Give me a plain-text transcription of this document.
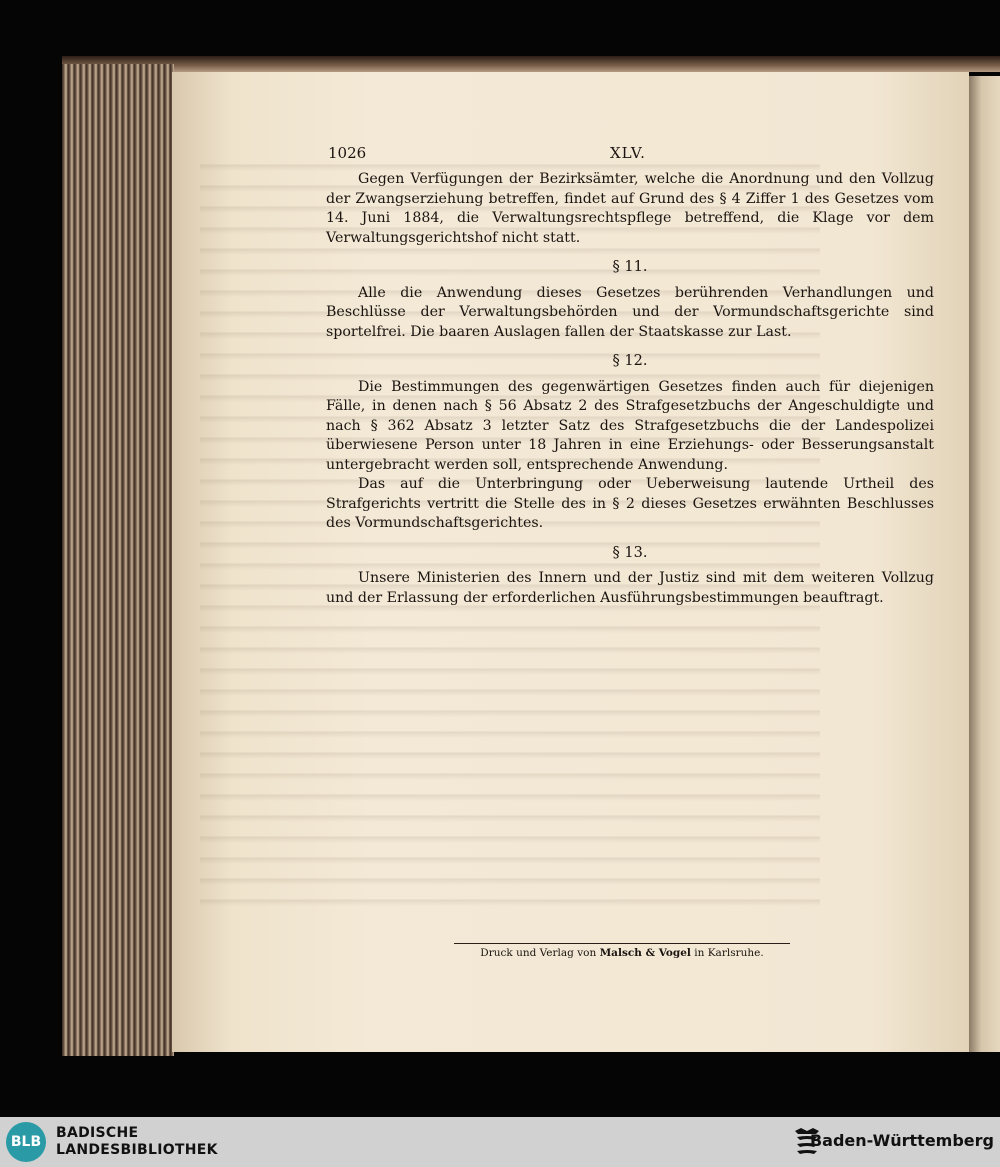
1026	XLV.

Gegen Verfügungen der Bezirksämter, welche die Anordnung und den Vollzug der Zwangserziehung betreffen, findet auf Grund des § 4 Ziffer 1 des Gesetzes vom 14. Juni 1884, die Verwaltungsrechtspflege betreffend, die Klage vor dem Verwaltungsgerichtshof nicht statt.

§ 11.

Alle die Anwendung dieses Gesetzes berührenden Verhandlungen und Beschlüsse der Verwaltungsbehörden und der Vormundschaftsgerichte sind sportelfrei. Die baaren Auslagen fallen der Staatskasse zur Last.

§ 12.

Die Bestimmungen des gegenwärtigen Gesetzes finden auch für diejenigen Fälle, in denen nach § 56 Absatz 2 des Strafgesetzbuchs der Angeschuldigte und nach § 362 Absatz 3 letzter Satz des Strafgesetzbuchs die der Landespolizei überwiesene Person unter 18 Jahren in eine Erziehungs- oder Besserungsanstalt untergebracht werden soll, entsprechende Anwendung.

Das auf die Unterbringung oder Ueberweisung lautende Urtheil des Strafgerichts vertritt die Stelle des in § 2 dieses Gesetzes erwähnten Beschlusses des Vormundschaftsgerichtes.

§ 13.

Unsere Ministerien des Innern und der Justiz sind mit dem weiteren Vollzug und der Erlassung der erforderlichen Ausführungsbestimmungen beauftragt.

Druck und Verlag von Malsch & Vogel in Karlsruhe.
BLB
BADISCHE
LANDESBIBLIOTHEK	Baden-Württemberg
